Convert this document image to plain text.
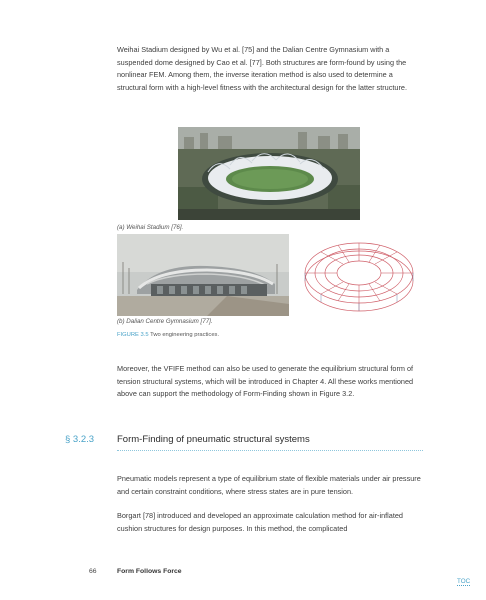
Weihai Stadium designed by Wu et al. [75] and the Dalian Centre Gymnasium with a suspended dome designed by Cao et al. [77]. Both structures are form-found by using the nonlinear FEM. Among them, the inverse iteration method is also used to determine a structural form with a high-level fitness with the architectural design for the latter structure.

(a) Weihai Stadium [76].
(b) Dalian Centre Gymnasium [77].
FIGURE 3.5 Two engineering practices.

Moreover, the VFIFE method can also be used to generate the equilibrium structural form of tension structural systems, which will be introduced in Chapter 4. All these works mentioned above can support the methodology of Form-Finding shown in Figure 3.2.

§ 3.2.3 Form-Finding of pneumatic structural systems

Pneumatic models represent a type of equilibrium state of flexible materials under air pressure and certain constraint conditions, where stress states are in pure tension.

Borgart [78] introduced and developed an approximate calculation method for air-inflated cushion structures for design purposes. In this method, the complicated

66	Form Follows Force
TOC
